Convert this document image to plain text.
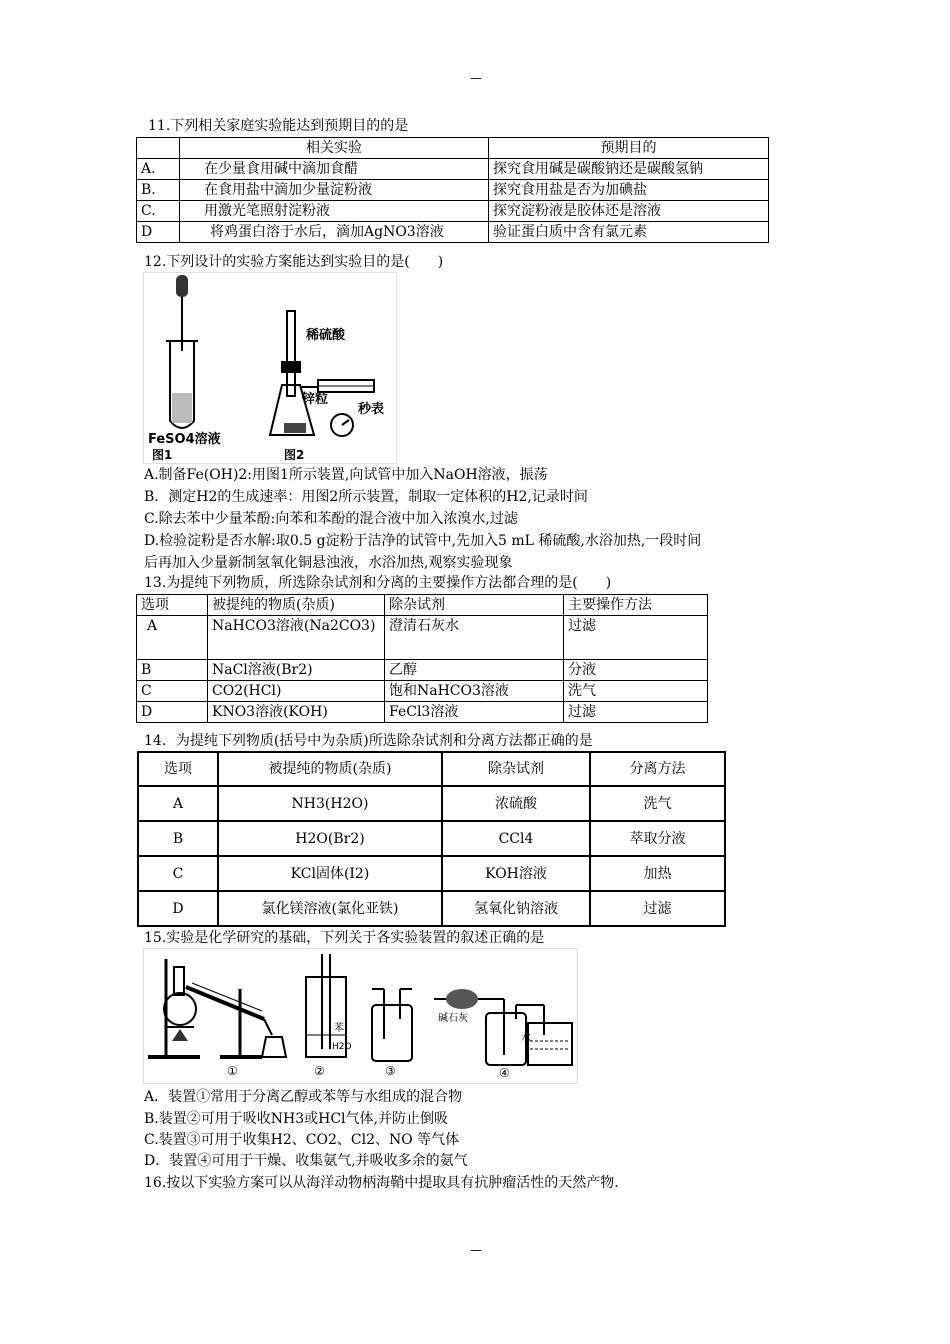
—
11.下列相关家庭实验能达到预期目的的是
	相关实验	预期目的
A.	在少量食用碱中滴加食醋	探究食用碱是碳酸钠还是碳酸氢钠
B.	在食用盐中滴加少量淀粉液	探究食用盐是否为加碘盐
C.	用激光笔照射淀粉液	探究淀粉液是胶体还是溶液
D	将鸡蛋白溶于水后，滴加AgNO3溶液	验证蛋白质中含有氯元素
12.下列设计的实验方案能达到实验目的是(　　)
FeSO4溶液
图1
稀硫酸
锌粒
秒表
图2
A.制备Fe(OH)2:用图1所示装置,向试管中加入NaOH溶液，振荡
B．测定H2的生成速率：用图2所示装置，制取一定体积的H2,记录时间
C.除去苯中少量苯酚:向苯和苯酚的混合液中加入浓溴水,过滤
D.检验淀粉是否水解:取0.5 g淀粉于洁净的试管中,先加入5 mL 稀硫酸,水浴加热,一段时间
后再加入少量新制氢氧化铜悬浊液，水浴加热,观察实验现象
13.为提纯下列物质，所选除杂试剂和分离的主要操作方法都合理的是(　　)
选项	被提纯的物质(杂质)	除杂试剂	主要操作方法
A	NaHCO3溶液(Na2CO3)	澄清石灰水	过滤
B	NaCl溶液(Br2)	乙醇	分液
C	CO2(HCl)	饱和NaHCO3溶液	洗气
D	KNO3溶液(KOH)	FeCl3溶液	过滤
14．为提纯下列物质(括号中为杂质)所选除杂试剂和分离方法都正确的是
选项	被提纯的物质(杂质)	除杂试剂	分离方法
A	NH3(H2O)	浓硫酸	洗气
B	H2O(Br2)	CCl4	萃取分液
C	KCl固体(I2)	KOH溶液	加热
D	氯化镁溶液(氯化亚铁)	氢氧化钠溶液	过滤
15.实验是化学研究的基础，下列关于各实验装置的叙述正确的是
①
苯
H2O
②	③
碱石灰
水
④
A．装置①常用于分离乙醇或苯等与水组成的混合物
B.装置②可用于吸收NH3或HCl气体,并防止倒吸
C.装置③可用于收集H2、CO2、Cl2、NO 等气体
D．装置④可用于干燥、收集氨气,并吸收多余的氨气
16.按以下实验方案可以从海洋动物柄海鞘中提取具有抗肿瘤活性的天然产物.
—
